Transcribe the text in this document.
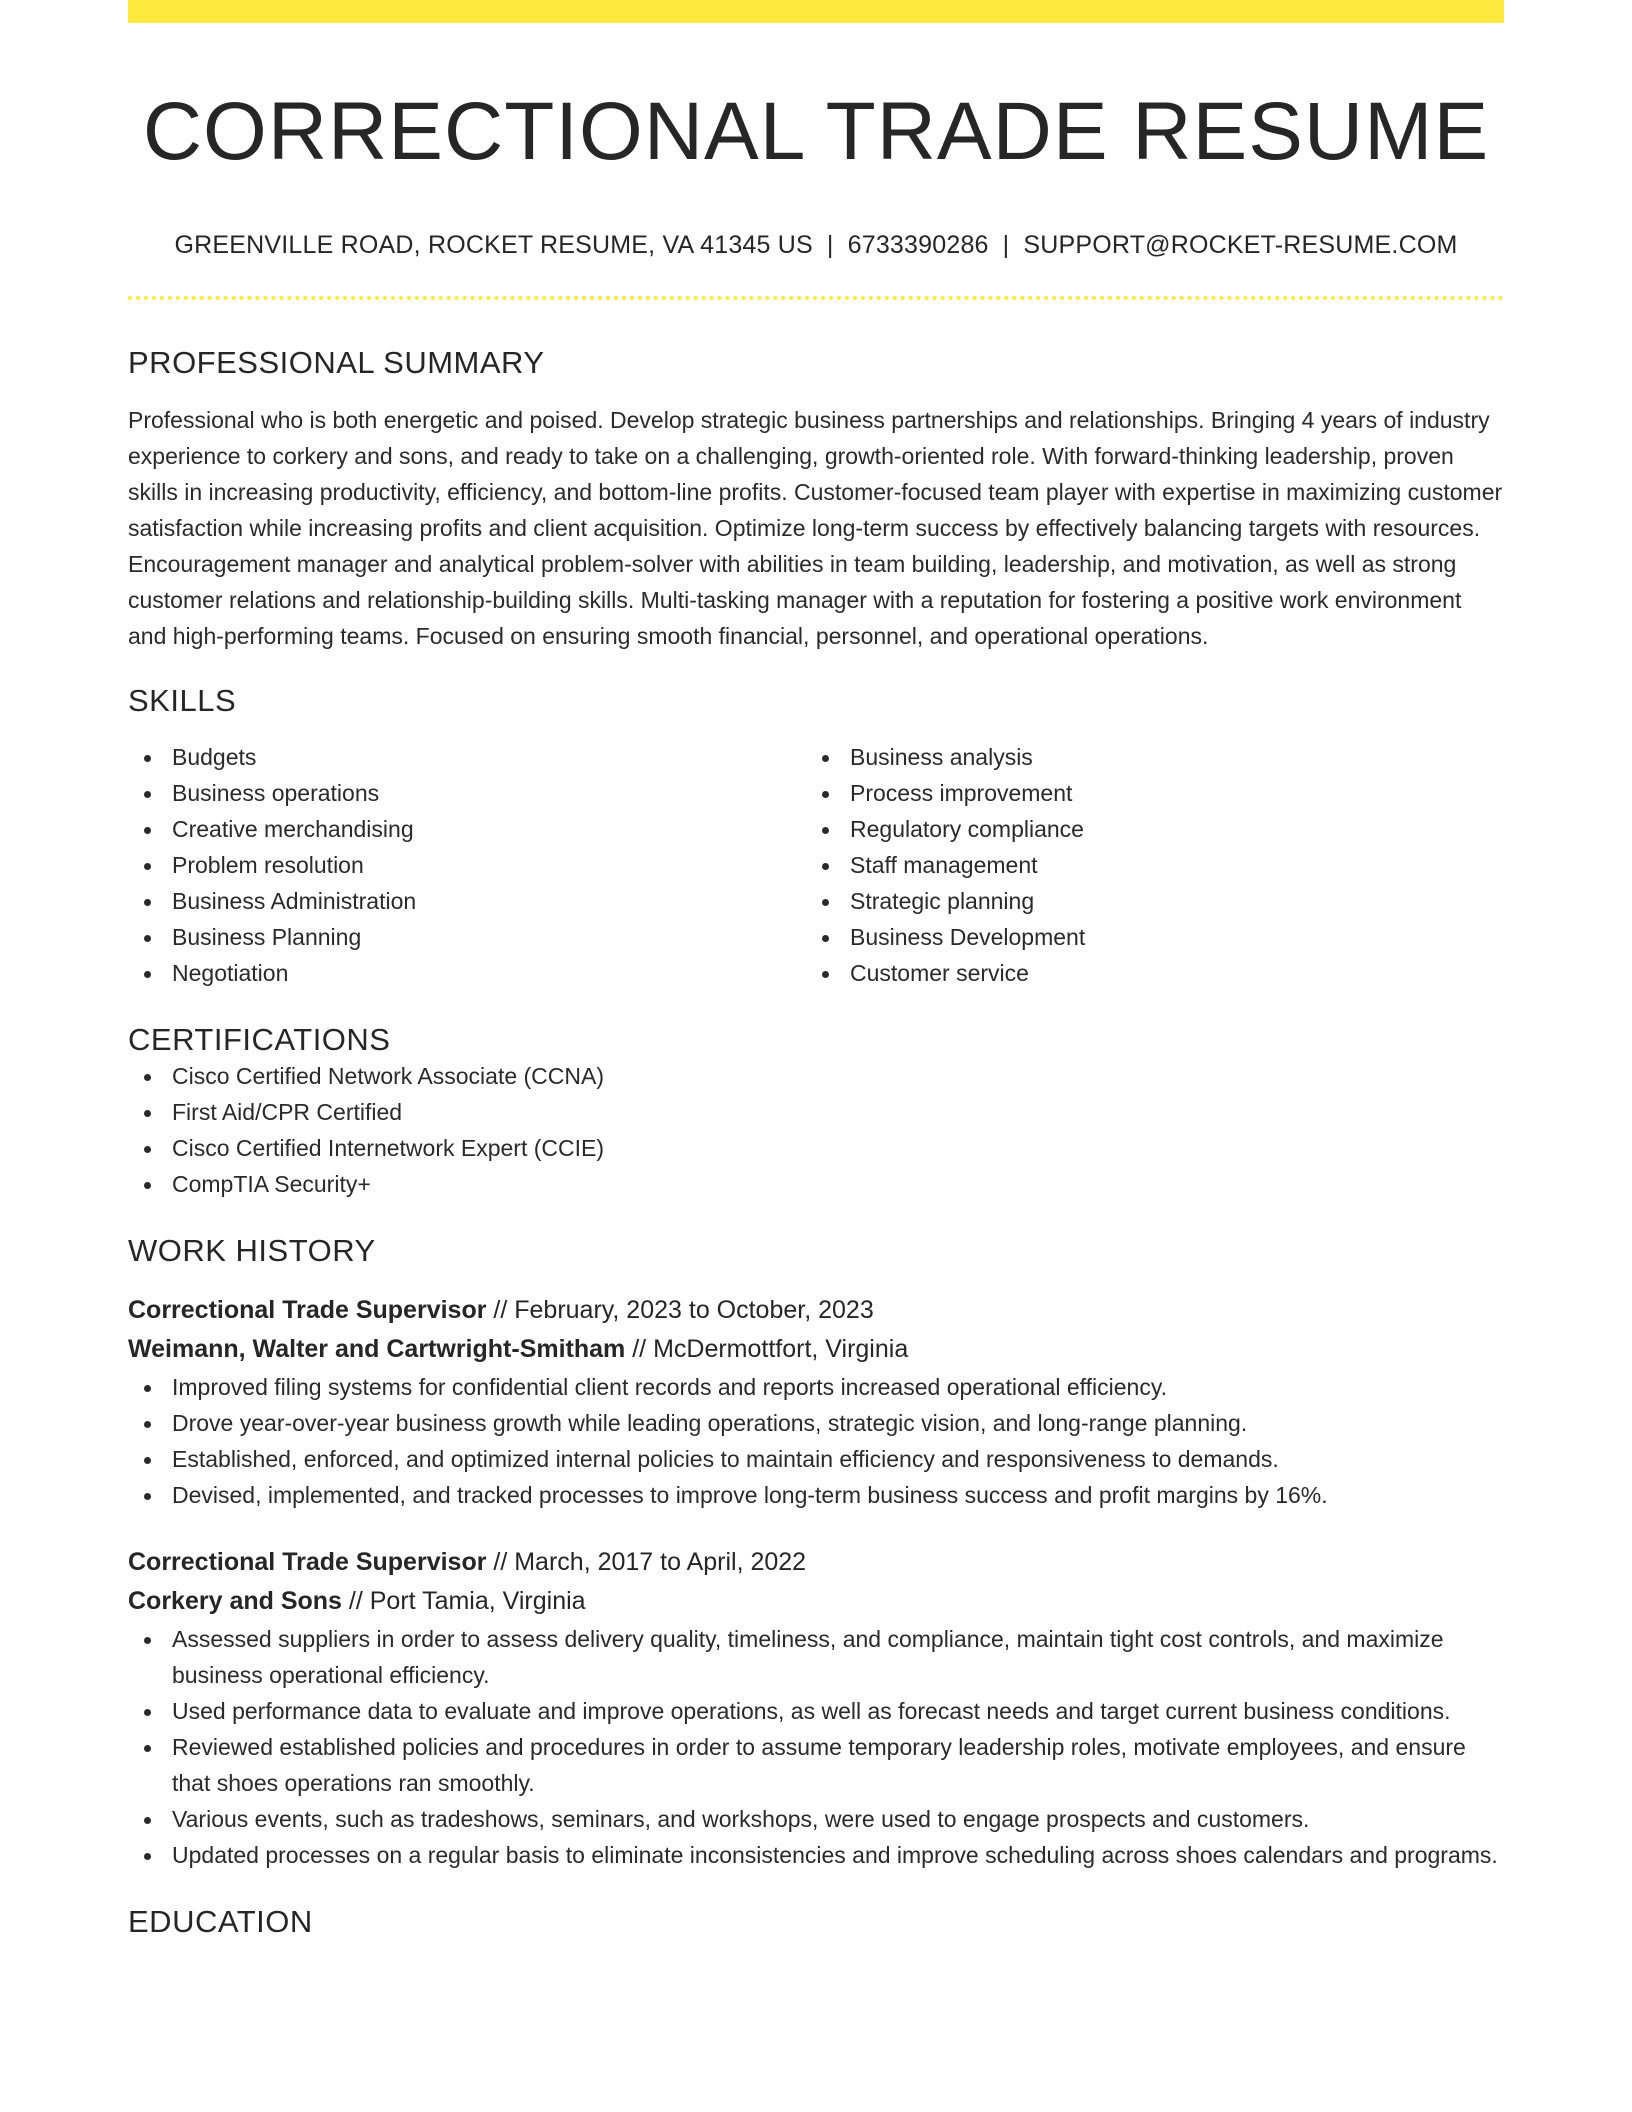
CORRECTIONAL TRADE RESUME
GREENVILLE ROAD, ROCKET RESUME, VA 41345 US | 6733390286 | SUPPORT@ROCKET-RESUME.COM
PROFESSIONAL SUMMARY

Professional who is both energetic and poised. Develop strategic business partnerships and relationships. Bringing 4 years of industry experience to corkery and sons, and ready to take on a challenging, growth-oriented role. With forward-thinking leadership, proven skills in increasing productivity, efficiency, and bottom-line profits. Customer-focused team player with expertise in maximizing customer satisfaction while increasing profits and client acquisition. Optimize long-term success by effectively balancing targets with resources. Encouragement manager and analytical problem-solver with abilities in team building, leadership, and motivation, as well as strong customer relations and relationship-building skills. Multi-tasking manager with a reputation for fostering a positive work environment and high-performing teams. Focused on ensuring smooth financial, personnel, and operational operations.

SKILLS
Budgets
Business operations
Creative merchandising
Problem resolution
Business Administration
Business Planning
Negotiation
Business analysis
Process improvement
Regulatory compliance
Staff management
Strategic planning
Business Development
Customer service
CERTIFICATIONS
Cisco Certified Network Associate (CCNA)
First Aid/CPR Certified
Cisco Certified Internetwork Expert (CCIE)
CompTIA Security+
WORK HISTORY
Correctional Trade Supervisor // February, 2023 to October, 2023
Weimann, Walter and Cartwright-Smitham // McDermottfort, Virginia
Improved filing systems for confidential client records and reports increased operational efficiency.
Drove year-over-year business growth while leading operations, strategic vision, and long-range planning.
Established, enforced, and optimized internal policies to maintain efficiency and responsiveness to demands.
Devised, implemented, and tracked processes to improve long-term business success and profit margins by 16%.
Correctional Trade Supervisor // March, 2017 to April, 2022
Corkery and Sons // Port Tamia, Virginia
Assessed suppliers in order to assess delivery quality, timeliness, and compliance, maintain tight cost controls, and maximize business operational efficiency.
Used performance data to evaluate and improve operations, as well as forecast needs and target current business conditions.
Reviewed established policies and procedures in order to assume temporary leadership roles, motivate employees, and ensure that shoes operations ran smoothly.
Various events, such as tradeshows, seminars, and workshops, were used to engage prospects and customers.
Updated processes on a regular basis to eliminate inconsistencies and improve scheduling across shoes calendars and programs.
EDUCATION
